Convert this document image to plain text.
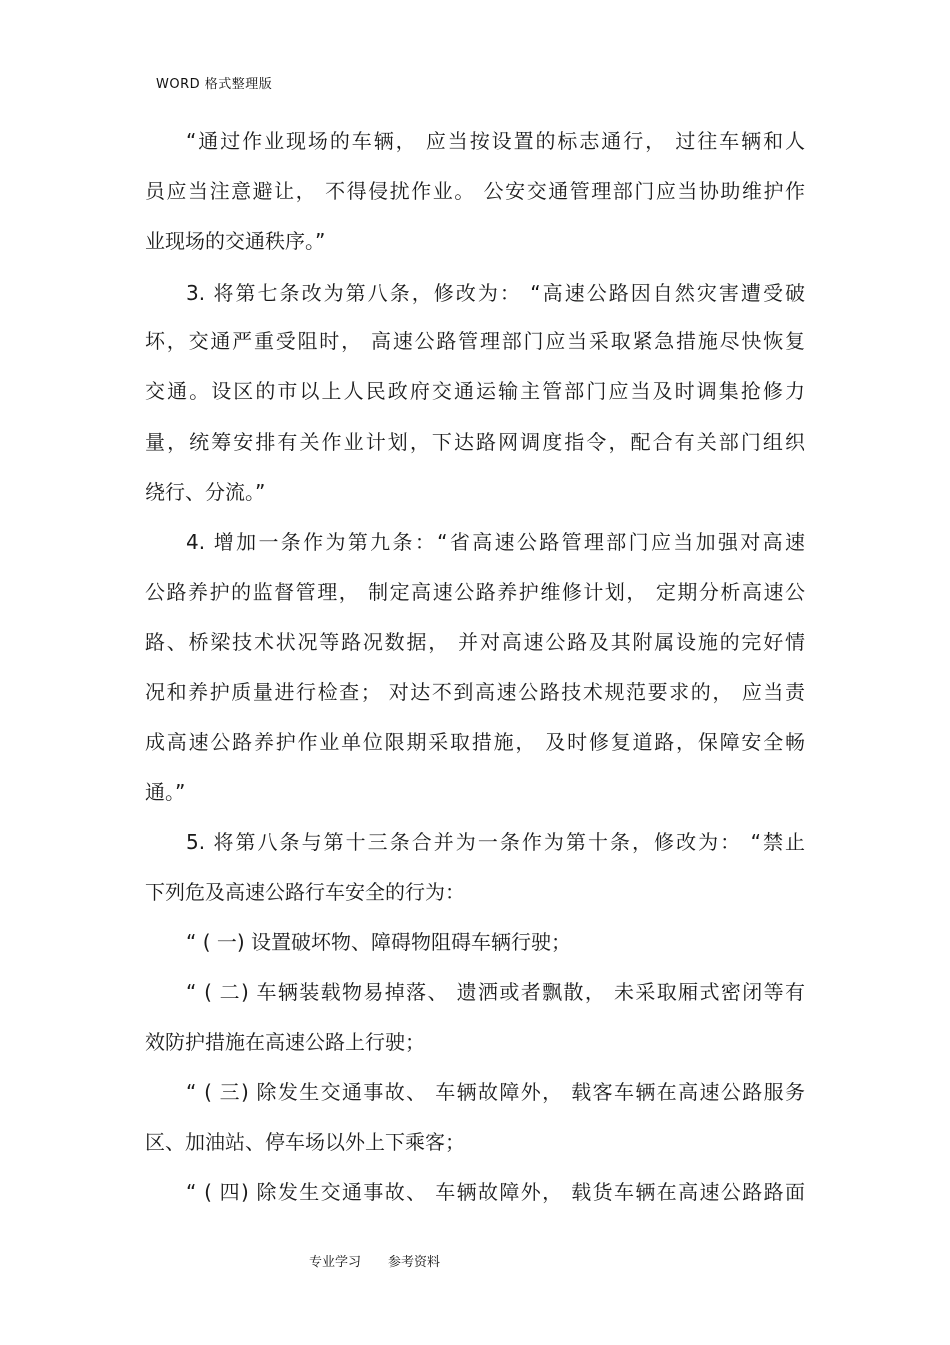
WORD 格式整理版
“通过作业现场的车辆， 应当按设置的标志通行， 过往车辆和人
员应当注意避让， 不得侵扰作业。 公安交通管理部门应当协助维护作
业现场的交通秩序。”
3. 将第七条改为第八条，修改为： “高速公路因自然灾害遭受破
坏，交通严重受阻时， 高速公路管理部门应当采取紧急措施尽快恢复
交通。设区的市以上人民政府交通运输主管部门应当及时调集抢修力
量，统筹安排有关作业计划，下达路网调度指令，配合有关部门组织
绕行、分流。”
4. 增加一条作为第九条：“省高速公路管理部门应当加强对高速
公路养护的监督管理， 制定高速公路养护维修计划， 定期分析高速公
路、桥梁技术状况等路况数据， 并对高速公路及其附属设施的完好情
况和养护质量进行检查； 对达不到高速公路技术规范要求的， 应当责
成高速公路养护作业单位限期采取措施， 及时修复道路，保障安全畅
通。”
5. 将第八条与第十三条合并为一条作为第十条，修改为： “禁止
下列危及高速公路行车安全的行为：
“ ( 一) 设置破坏物、障碍物阻碍车辆行驶；
“ ( 二) 车辆装载物易掉落、 遗洒或者飘散， 未采取厢式密闭等有
效防护措施在高速公路上行驶；
“ ( 三) 除发生交通事故、 车辆故障外， 载客车辆在高速公路服务
区、加油站、停车场以外上下乘客；
“ ( 四) 除发生交通事故、 车辆故障外， 载货车辆在高速公路路面
专业学习 参考资料
